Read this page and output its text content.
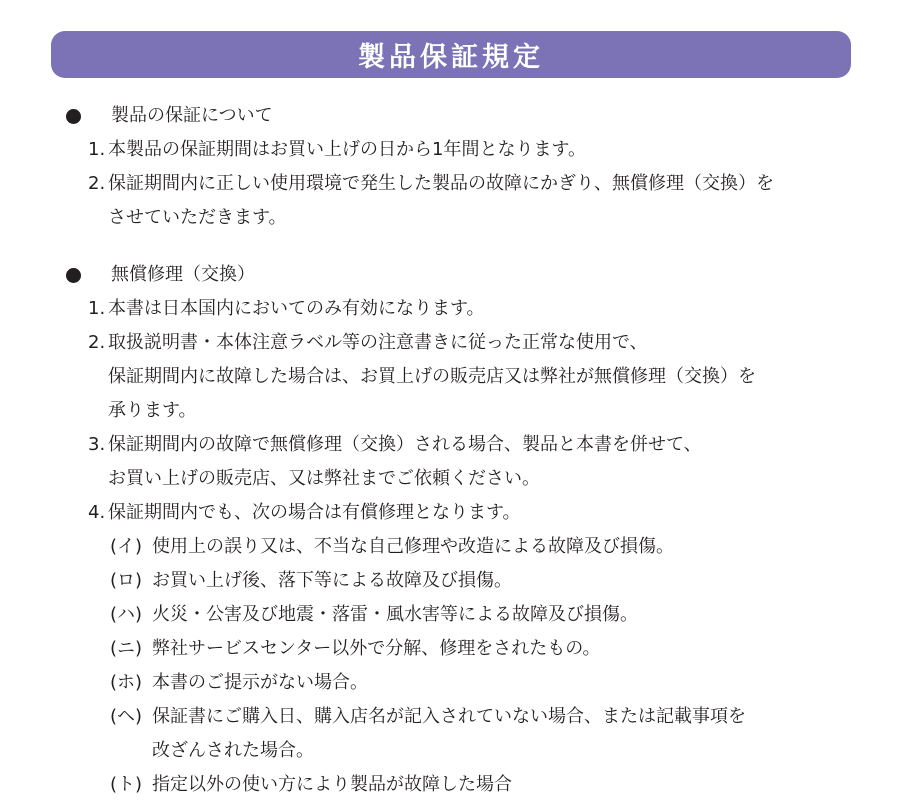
製品保証規定
製品の保証について
1. 本製品の保証期間はお買い上げの日から1年間となります。
2. 保証期間内に正しい使用環境で発生した製品の故障にかぎり、無償修理（交換）を
させていただきます。
無償修理（交換）
1. 本書は日本国内においてのみ有効になります。
2. 取扱説明書・本体注意ラベル等の注意書きに従った正常な使用で、
保証期間内に故障した場合は、お買上げの販売店又は弊社が無償修理（交換）を
承ります。
3. 保証期間内の故障で無償修理（交換）される場合、製品と本書を併せて、
お買い上げの販売店、又は弊社までご依頼ください。
4. 保証期間内でも、次の場合は有償修理となります。
(イ) 使用上の誤り又は、不当な自己修理や改造による故障及び損傷。
(ロ) お買い上げ後、落下等による故障及び損傷。
(ハ) 火災・公害及び地震・落雷・風水害等による故障及び損傷。
(ニ) 弊社サービスセンター以外で分解、修理をされたもの。
(ホ) 本書のご提示がない場合。
(ヘ) 保証書にご購入日、購入店名が記入されていない場合、または記載事項を
改ざんされた場合。
(ト) 指定以外の使い方により製品が故障した場合
